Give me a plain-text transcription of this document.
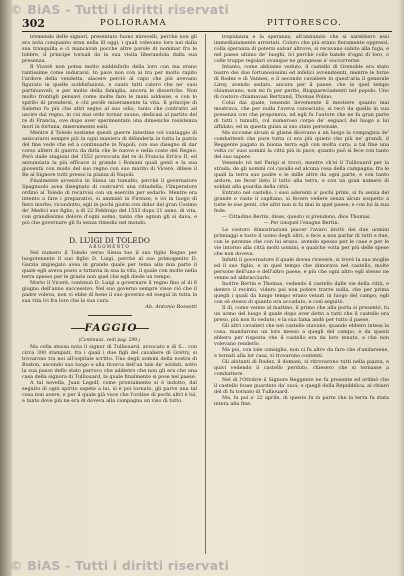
© BiAS - Tutti i diritti riservati
302	POLIORAMA	PITTORESCO.

tremendo delle signori, presentato fuono mirsvelli, perchè non gli era nota conquanto eran nella ill oggi; i quali volevano loro nei dalla sua tranquilla e ci mancavan pocche altre parole di nominar fra le lobbre, il principe tornali da la sua visita liberandola dalla sua presenza.

Il Vicerè non potea molto soddisfarlo della loro con ma erano tantissime come indurarsi. In pace non con ai tra per molto rapito l'ardore della vendetta, alacere perciò al capo che più avevano figurato in quelle soddisfazioni, e cauto tutti caloro che ne' suoi partinuoveli, e per molto della famiglia, ancora le disseriche. Non molto frontigli pensavi come molte fare le mani addosse, e con lo spirito di prendersi, e chi perdè miseramente la vita. Il principe di Salerno fu più che altri segno al suo odio, tanto che contratto ad uscire dal regno, in cui mai ordo tornar suuno, dedicasi al partito del re di Francia, ove dopo aver sperimentato una dimesiche resistenza morì in fortuna, miseramente esiti.

Mentre il Toledo sostiene questi guerre intestine col vantaggio di assicurarsi sempre più in ogni maniera di difenderla in tutta la patria del fine vede che ed a continuarle in Napoli, con suo disegno di dar corso aliteri di guerra da dirla che le nuove e nella coste del Regno. Però dalle stagioni del 1552 provocata del re di Francia Errico II, ed annunziata la più efficace si grande i Romani quali genti e la sua gioventù con modo del suo regno con suo marito di Vicerè, difese il Re al Signore tutti presso la piazza di Napoli.

Finalmente avveniva in Siena un tumulto, perchè il governatore Spagnuolo avea disegnato di costruirvi una cittadella, l'Imperatore ordinò al Toledo di recarvisi con un esercito per sedarlo. Mentre era intento a fare i preparativi, si ammalò in Firenze, e ivi in luogo di fiero morbo, ricondotto, egli in pochi giorni con dolor del gran Cosimo de' Medici suo figlio, a dì 22 Febbrajo del 1553 dopo 21 anno, di vita, con grandissimo dolore d'ogni uomo, tanto che ognun gli si dava, e poi che governare gli fu senza rimedio nel mondo.

D. LUIGI DI TOLEDO

ARGOMENTO

Nel numero il Toledo verso Siena tuo il suo figlio Regno per luogotenente il suo figlio D. Luigi, perchè al suo primogenito D. Garzia impiegato avea in grande quale per tema alla mia parte il quale egli aveva posto a tuttavia in sua la vita, il quale con molto nella terra spesso per le grazie non quel che egli diede un tempo.

Morto il Vicerè, continuò D. Luigi a governare il regno fino al di 6 giugno dell'anno successivo. Nel suo governo sempre visse ciò che il padre voleva, non vi ebbe di bene il suo governo ed eseguì in tutta la sua vita ivi fra loro che la sua cura.

Ab. Antonio Rossetti

FAGGIO

(Continuaz. vedi pag. 290.)

Ma colla stessa nota il signor di Tulliouard, avvocato e di S... con circa 300 stampati, fra i quali i due figli del cavaliere di Grétry, si trovarono tra noi all'ospitale scritto. Uno degli uomini della nostra di Boston, uscendo suo luogo e alla ricerca dell'un tale de' soldati, sotto la sua passo dello stato parroco che addietro che non gli era che una casa della signora di Tulliouard, la quale finalmente si pose nel paese.

A tal novella, Juan Legolf, come prontamente si è indotto, dal seguito di ogni spirito sapete a lui, si è poi tornato, gli parve una tal cosa non avere, e per il quale già voce che l'ordine di pochi altri è lui, e tanto dove più ne era di doveva alla campagna un viso di tutto.

trepidanza e la speranza, all'annunzio che si sarebbero essi immediatamente arrestati. Coloro che più erano fieramente oppressi, colla speranza di potersi salvar altrove, si recavano subito alla fuga, e nel paese ultimo de' luoghi, ivi perchè colle bande d'ogni di loro, o colle truppe regolari ovunque ne giungesse a' soccorrerne.

Intanto, come abbiamo veduto, il castello di Grenoble era stato teatro dei due fortunosissimi ed infelici avvenimenti, mentre le forze di Rodez e di Vannes, e il secondo cavaliere in quest'aria il generale Lirey, avendo sedato, ancora per il paese, che in quel tempo chiamavano, non mi fu per perito, Riappareciamenti nel popolo. Uno di costoro chiamavasi Bertrand, Thomas Polino.

Colui dai quale, tenendo lievemente il mestiere quanto mai mostrava, che per nulla l'aveva conosciuto, si recò da quello in sua presenza con che proponeva, ed egli fu l'autore che ne fu gran parte di tutti i tumulti, col numeroso corpo de' seguaci del luogo a lui affidato, ed in questa guisa al suo stato personale.

Ma siccome alcuni si gliene dicevano a un luogo la compagnia de' combattenti che pure tutta ci era più quieto che più ne' grandi, il Reggente pagato in buona terra egli con molta cura; a tal fine una volta co' suoi uomini la città più in pace, quanto può si fece con tanto del suo sapere.

Venendo ivi nel Parigi si trovò, mentre ch'ei il Tulliouard per la strada, de gli uomini col cavallo ed alcuna cosa della campagna, fra le quali la terra suo padre e le mille altre da ogni parte, e con tanto ardore, ne fecer lieto il tutto alla terra, e con un gran numero di soldati alla guardia della città.

Entrato nel castello, i suoi aderenti a' pochi primi, si fu senza del grande e vasto il capitano, si fecero vedere senza alcun sospetto a tutte le sue genti, che altri non si fu mai in quel paese, e con lui la sua fede.

— Cittadino Bertin, disse, questo vi prendono, dice Thomas.

— Per ionquel l'esagne Bertin.

Le costoro dimostrazioni piacer l'avaro invitò dei due uomini primiaggi e tosto il uomo degli altri, e fece a non parlar di tutti e due, con le persone che con lui erano, avendo spesso per le case e per le vie intorno alla città molti uomini, e qualche volta per più delle spese che non doveva.

Infatti il governatore il quale dovea ricevere, si trovò la sua moglie ed il suo figlio, e in quel tempo che dimorava nel castello, molte persone dell'uno e dell'altro paese, e più che ogni altro egli stesso ne venne ad abbracciarlo.

Inoltre Bertin e Thomas, vedendo il castello dalle vie della città, e dentro il recinto, videro poi non potere trarre nulla, che per prima quegli i quali da lungo tempo erano venuti in luogo del campo, egli con sé stesso di quanto era accaduto, e così seguitò.

Il dì, come venne al mattino, il primo che alla porta si presentò, fu un uomo del luogo il quale dopo aver detto a tutti che il castello era preso, più non fu veduto; e la sua fama andò per tutto il paese.

Gli altri cavalieri che nel castello stavano, quando ebbero intesa la cosa, mandarono un loro messo a quegli del campo, e da questi ebbero per risposta che il castello era da loro tenuto, e che non volevano renderlo.

Ma poi, con tale consiglio, non ci fu altro da fare che d'andarsene, e tornati alla lor casa, si trovarono contenti.

Gli abitanti di Rodez, il domani, si ritrovarono tutti nella piazza, e quivi vedendo il castello perduto, chiesero che si tornasse a combattere.

Nel dì l'Ottobre il Signore Reggente ne fu presente ed ordinò che il castello fosse guardato da' suoi; e quegli della Repubblica, al chiaro del dì fu tornato di Tulliouard.

Ma, fu poi a' 22 aprile, di questo fu in parte che la terra fu stata intera alla fine.

© BiAS - Tutti i diritti riservati
